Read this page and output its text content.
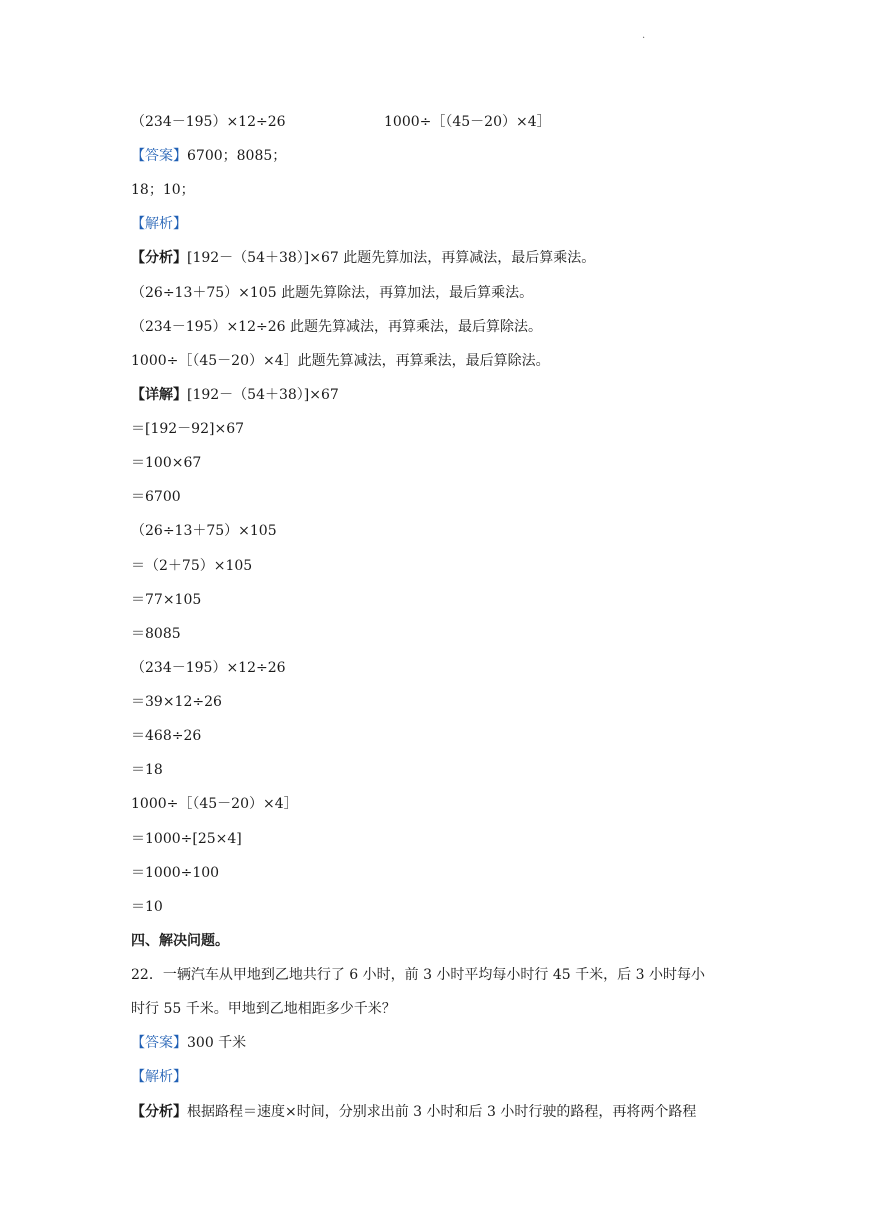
.
（234－195）×12÷26	1000÷［（45－20）×4］
【答案】6700；8085；
18；10；
【解析】
【分析】[192－（54＋38）]×67 此题先算加法，再算减法，最后算乘法。
（26÷13＋75）×105 此题先算除法，再算加法，最后算乘法。
（234－195）×12÷26 此题先算减法，再算乘法，最后算除法。
1000÷［（45－20）×4］此题先算减法，再算乘法，最后算除法。
【详解】[192－（54＋38）]×67
＝[192－92]×67
＝100×67
＝6700
（26÷13＋75）×105
＝（2＋75）×105
＝77×105
＝8085
（234－195）×12÷26
＝39×12÷26
＝468÷26
＝18
1000÷［（45－20）×4］
＝1000÷[25×4]
＝1000÷100
＝10
四、解决问题。
22．一辆汽车从甲地到乙地共行了 6 小时，前 3 小时平均每小时行 45 千米，后 3 小时每小
时行 55 千米。甲地到乙地相距多少千米？
【答案】300 千米
【解析】
【分析】根据路程＝速度×时间，分别求出前 3 小时和后 3 小时行驶的路程，再将两个路程
